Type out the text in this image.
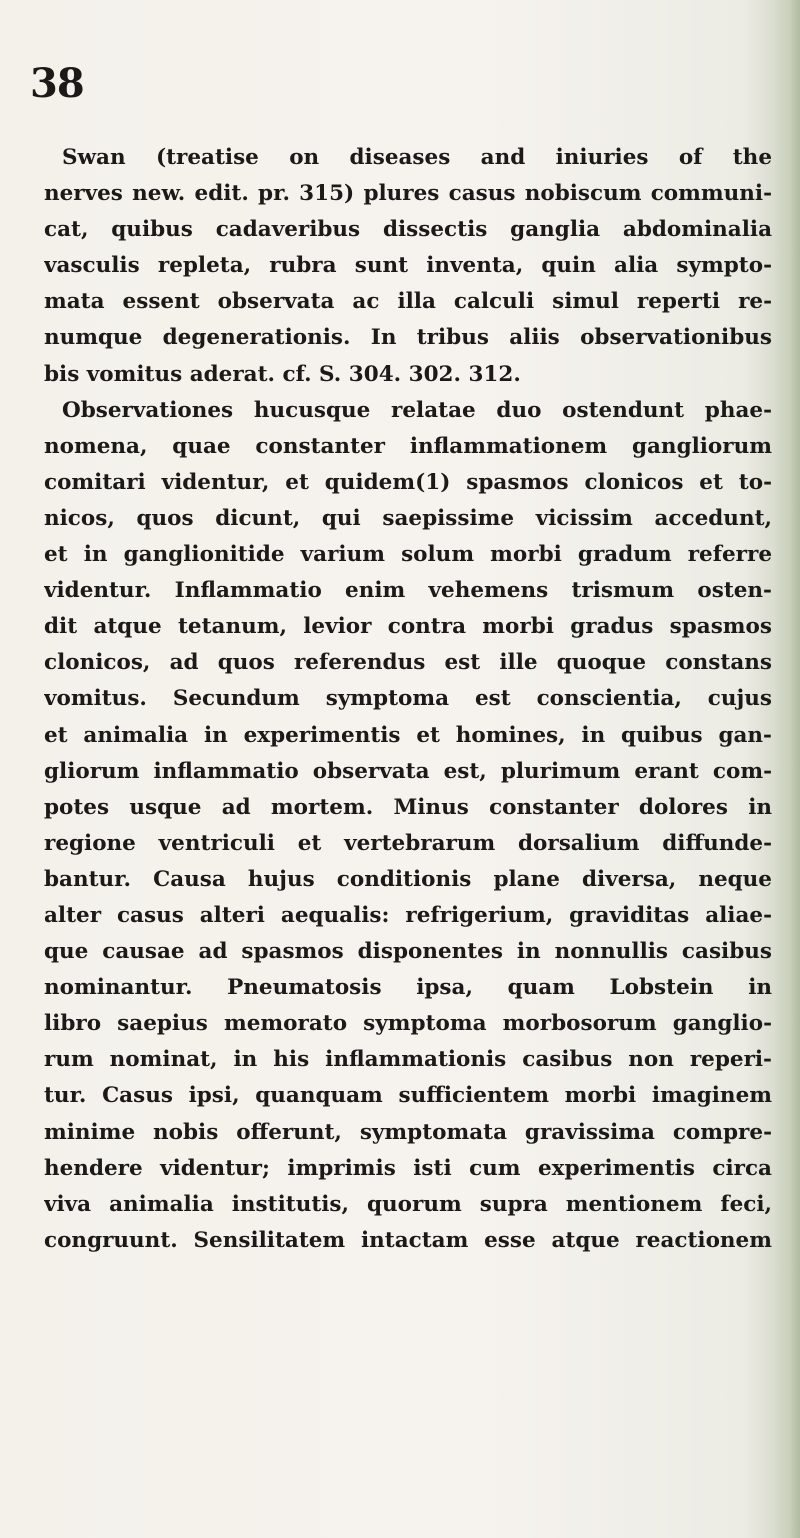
38
Swan (treatise on diseases and iniuries of the
nerves new. edit. pr. 315) plures casus nobiscum communi-
cat, quibus cadaveribus dissectis ganglia abdominalia
vasculis repleta, rubra sunt inventa, quin alia sympto-
mata essent observata ac illa calculi simul reperti re-
numque degenerationis. In tribus aliis observationibus
bis vomitus aderat. cf. S. 304. 302. 312.
Observationes hucusque relatae duo ostendunt phae-
nomena, quae constanter inflammationem gangliorum
comitari videntur, et quidem(1) spasmos clonicos et to-
nicos, quos dicunt, qui saepissime vicissim accedunt,
et in ganglionitide varium solum morbi gradum referre
videntur. Inflammatio enim vehemens trismum osten-
dit atque tetanum, levior contra morbi gradus spasmos
clonicos, ad quos referendus est ille quoque constans
vomitus. Secundum symptoma est conscientia, cujus
et animalia in experimentis et homines, in quibus gan-
gliorum inflammatio observata est, plurimum erant com-
potes usque ad mortem. Minus constanter dolores in
regione ventriculi et vertebrarum dorsalium diffunde-
bantur. Causa hujus conditionis plane diversa, neque
alter casus alteri aequalis: refrigerium, graviditas aliae-
que causae ad spasmos disponentes in nonnullis casibus
nominantur. Pneumatosis ipsa, quam Lobstein in
libro saepius memorato symptoma morbosorum ganglio-
rum nominat, in his inflammationis casibus non reperi-
tur. Casus ipsi, quanquam sufficientem morbi imaginem
minime nobis offerunt, symptomata gravissima compre-
hendere videntur; imprimis isti cum experimentis circa
viva animalia institutis, quorum supra mentionem feci,
congruunt. Sensilitatem intactam esse atque reactionem
